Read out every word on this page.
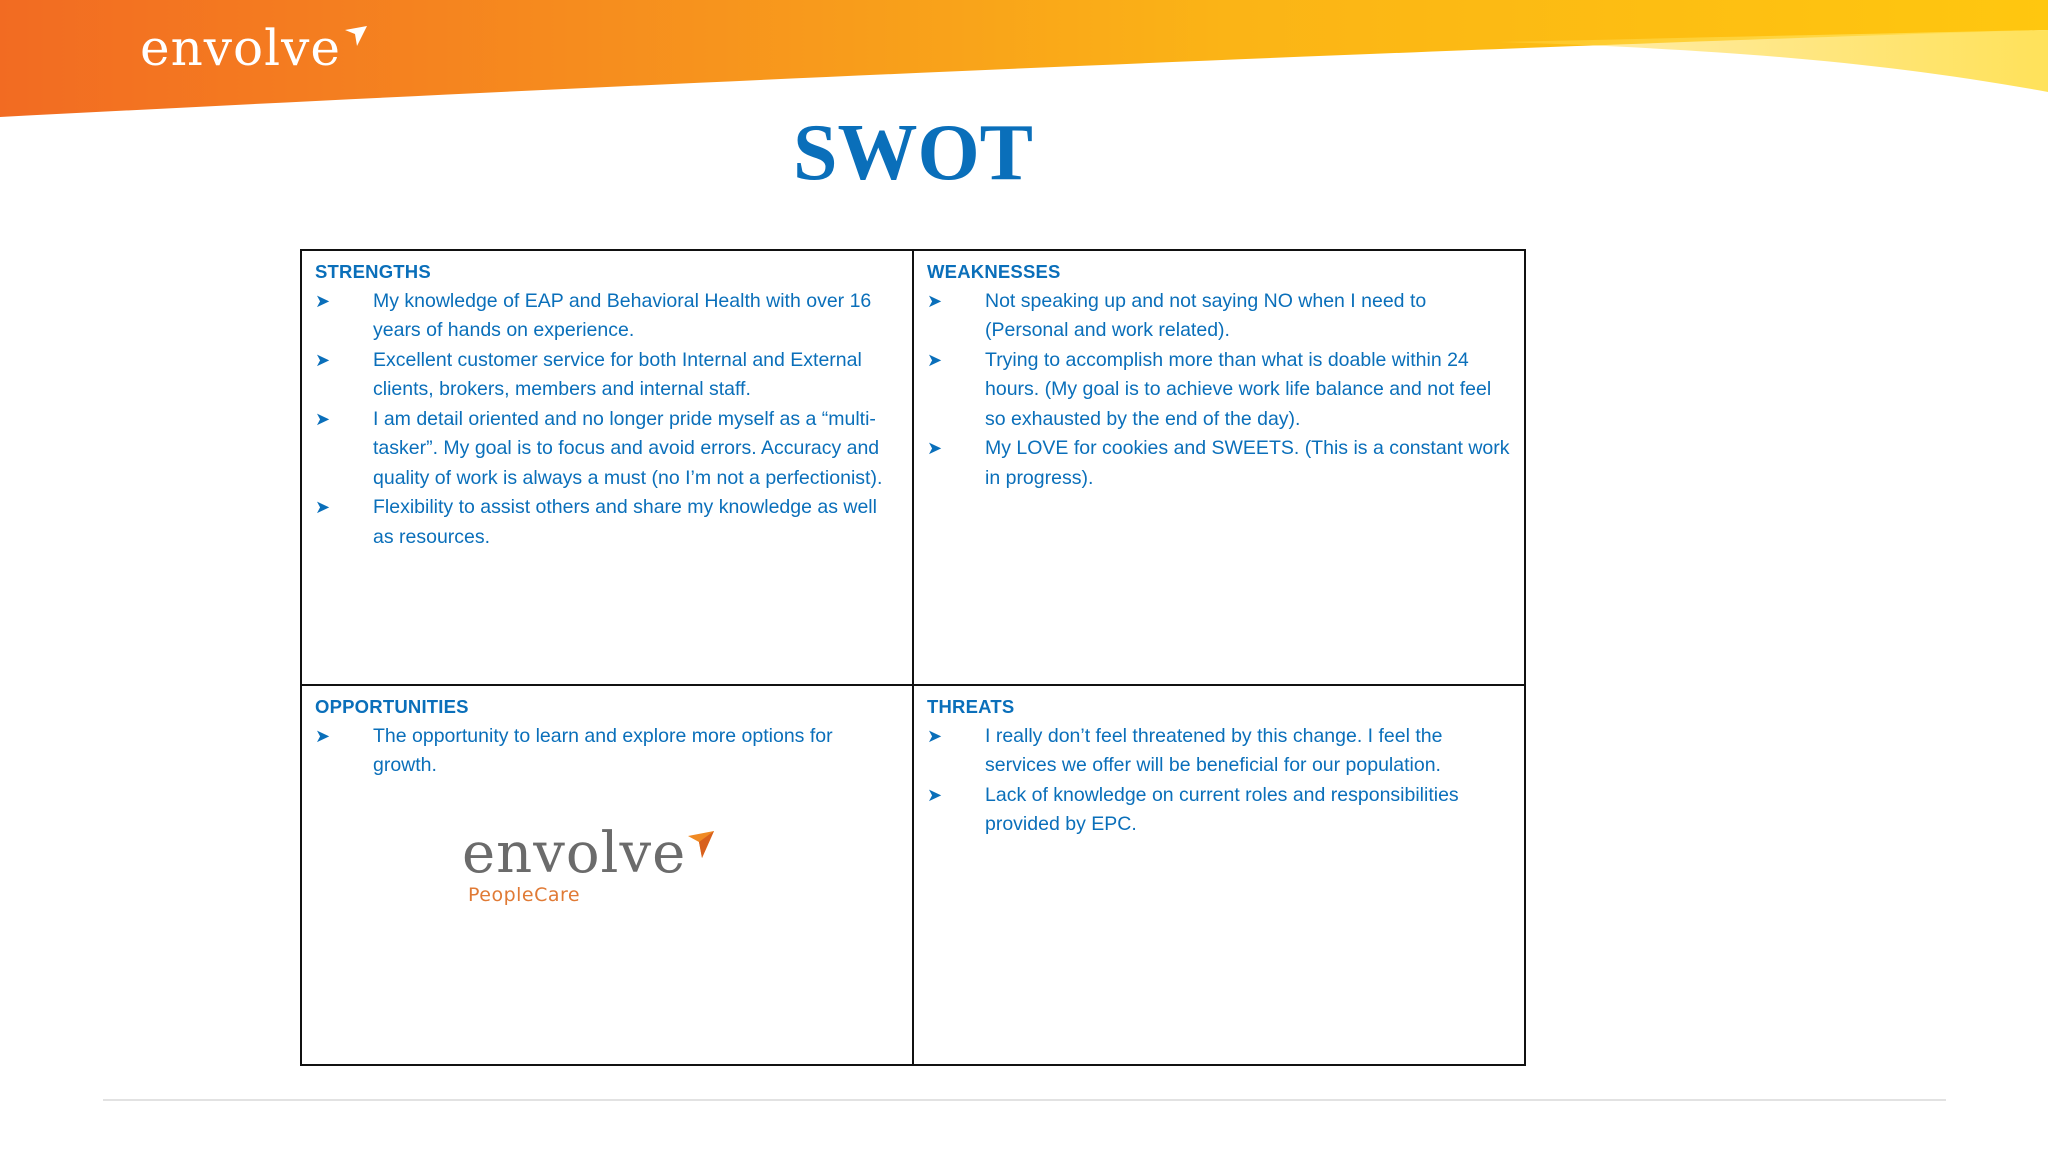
envolve
SWOT
STRENGTHS
➤	My knowledge of EAP and Behavioral Health with over 16 years of hands on experience.
➤	Excellent customer service for both Internal and External clients, brokers, members and internal staff.
➤	I am detail oriented and no longer pride myself as a “multi-tasker”. My goal is to focus and avoid errors. Accuracy and quality of work is always a must (no I’m not a perfectionist).
➤	Flexibility to assist others and share my knowledge as well as resources.
WEAKNESSES
➤	Not speaking up and not saying NO when I need to (Personal and work related).
➤	Trying to accomplish more than what is doable within 24 hours. (My goal is to achieve work life balance and not feel so exhausted by the end of the day).
➤	My LOVE for cookies and SWEETS. (This is a constant work in progress).
OPPORTUNITIES
➤	The opportunity to learn and explore more options for growth.
envolve
PeopleCare
THREATS
➤	I really don’t feel threatened by this change. I feel the services we offer will be beneficial for our population.
➤	Lack of knowledge on current roles and responsibilities provided by EPC.
